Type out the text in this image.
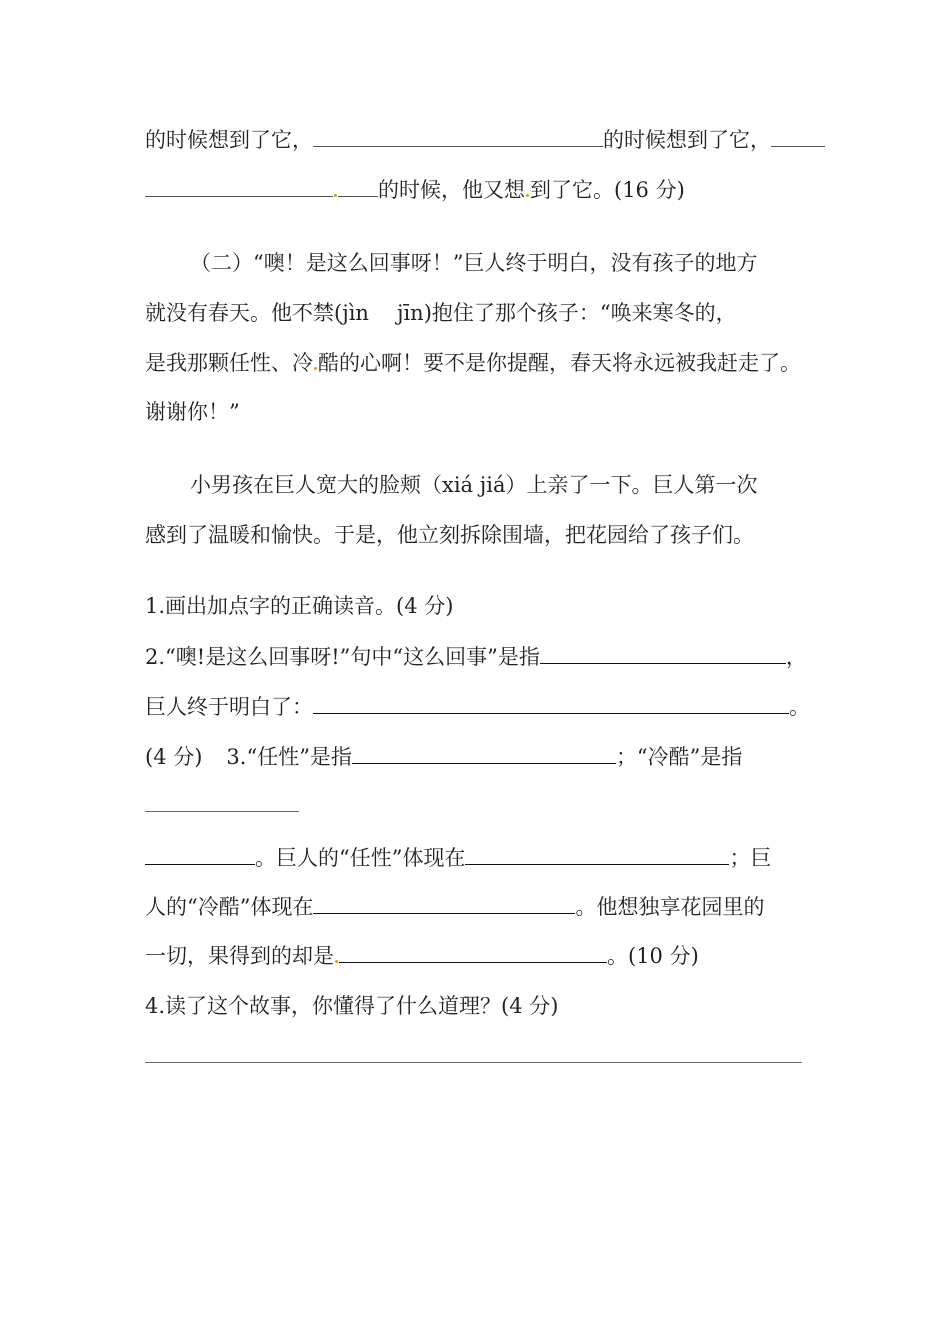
的时候想到了它，	的时候想到了它，
的时候，他又想 到了它。(16 分)
（二）“噢！是这么回事呀！”巨人终于明白，没有孩子的地方
就没有春天。他不禁(jìn jīn)抱住了那个孩子：“唤来寒冬的，
是我那颗任性、冷 酷的心啊！要不是你提醒，春天将永远被我赶走了。
谢谢你！”
小男孩在巨人宽大的脸颊（xiá jiá）上亲了一下。巨人第一次
感到了温暖和愉快。于是，他立刻拆除围墙，把花园给了孩子们。
1.画出加点字的正确读音。(4 分)
2.“噢!是这么回事呀!”句中“这么回事”是指	，
巨人终于明白了：	。
(4 分) 3.“任性”是指	；“冷酷”是指
。巨人的“任性”体现在	；巨
人的“冷酷”体现在	。他想独享花园里的
一切，果得到的却是	。(10 分)
4.读了这个故事，你懂得了什么道理？(4 分)
